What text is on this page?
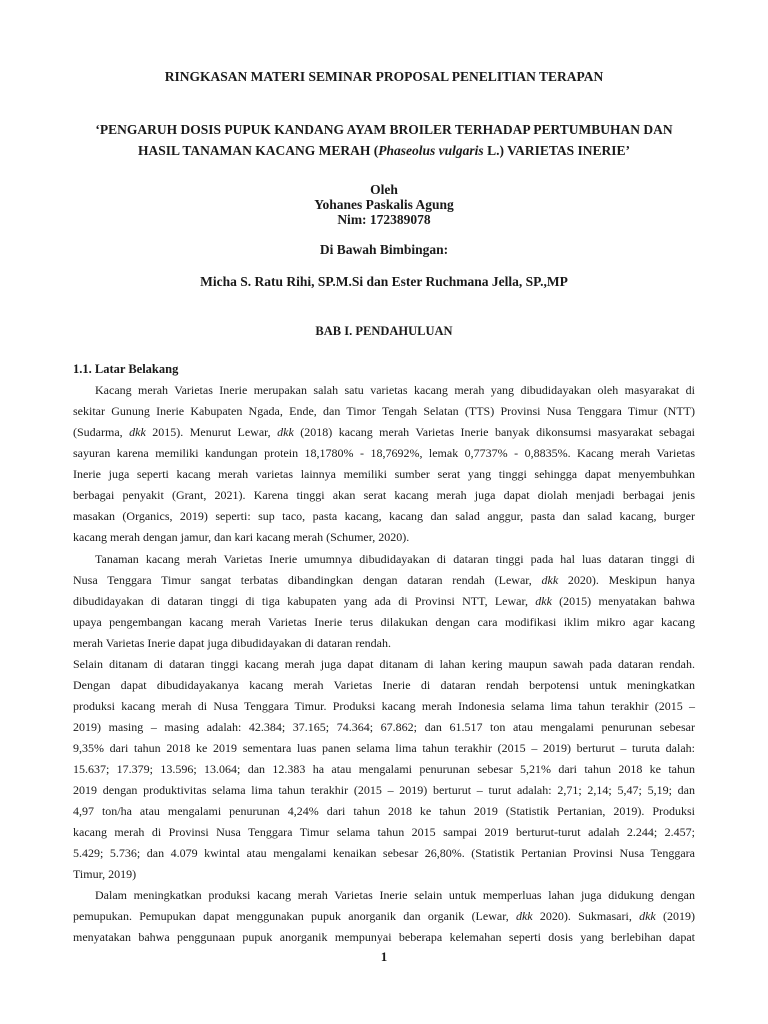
RINGKASAN MATERI SEMINAR PROPOSAL PENELITIAN TERAPAN
‘PENGARUH DOSIS PUPUK KANDANG AYAM BROILER TERHADAP PERTUMBUHAN DAN
HASIL TANAMAN KACANG MERAH (Phaseolus vulgaris L.) VARIETAS INERIE’
Oleh
Yohanes Paskalis Agung
Nim: 172389078
Di Bawah Bimbingan:
Micha S. Ratu Rihi, SP.M.Si dan Ester Ruchmana Jella, SP.,MP
BAB I. PENDAHULUAN
1.1. Latar Belakang
Kacang merah Varietas Inerie merupakan salah satu varietas kacang merah yang dibudidayakan oleh masyarakat di
sekitar Gunung Inerie Kabupaten Ngada, Ende, dan Timor Tengah Selatan (TTS) Provinsi Nusa Tenggara Timur (NTT)
(Sudarma, dkk 2015). Menurut Lewar, dkk (2018) kacang merah Varietas Inerie banyak dikonsumsi masyarakat sebagai
sayuran karena memiliki kandungan protein 18,1780% - 18,7692%, lemak 0,7737% - 0,8835%. Kacang merah Varietas
Inerie juga seperti kacang merah varietas lainnya memiliki sumber serat yang tinggi sehingga dapat menyembuhkan
berbagai penyakit (Grant, 2021). Karena tinggi akan serat kacang merah juga dapat diolah menjadi berbagai jenis
masakan (Organics, 2019) seperti: sup taco, pasta kacang, kacang dan salad anggur, pasta dan salad kacang, burger
kacang merah dengan jamur, dan kari kacang merah (Schumer, 2020).
Tanaman kacang merah Varietas Inerie umumnya dibudidayakan di dataran tinggi pada hal luas dataran tinggi di
Nusa Tenggara Timur sangat terbatas dibandingkan dengan dataran rendah (Lewar, dkk 2020). Meskipun hanya
dibudidayakan di dataran tinggi di tiga kabupaten yang ada di Provinsi NTT, Lewar, dkk (2015) menyatakan bahwa
upaya pengembangan kacang merah Varietas Inerie terus dilakukan dengan cara modifikasi iklim mikro agar kacang
merah Varietas Inerie dapat juga dibudidayakan di dataran rendah.
Selain ditanam di dataran tinggi kacang merah juga dapat ditanam di lahan kering maupun sawah pada dataran rendah.
Dengan dapat dibudidayakanya kacang merah Varietas Inerie di dataran rendah berpotensi untuk meningkatkan
produksi kacang merah di Nusa Tenggara Timur. Produksi kacang merah Indonesia selama lima tahun terakhir (2015 –
2019) masing – masing adalah: 42.384; 37.165; 74.364; 67.862; dan 61.517 ton atau mengalami penurunan sebesar
9,35% dari tahun 2018 ke 2019 sementara luas panen selama lima tahun terakhir (2015 – 2019) berturut – turuta dalah:
15.637; 17.379; 13.596; 13.064; dan 12.383 ha atau mengalami penurunan sebesar 5,21% dari tahun 2018 ke tahun
2019 dengan produktivitas selama lima tahun terakhir (2015 – 2019) berturut – turut adalah: 2,71; 2,14; 5,47; 5,19; dan
4,97 ton/ha atau mengalami penurunan 4,24% dari tahun 2018 ke tahun 2019 (Statistik Pertanian, 2019). Produksi
kacang merah di Provinsi Nusa Tenggara Timur selama tahun 2015 sampai 2019 berturut-turut adalah 2.244; 2.457;
5.429; 5.736; dan 4.079 kwintal atau mengalami kenaikan sebesar 26,80%. (Statistik Pertanian Provinsi Nusa Tenggara
Timur, 2019)
Dalam meningkatkan produksi kacang merah Varietas Inerie selain untuk memperluas lahan juga didukung dengan
pemupukan. Pemupukan dapat menggunakan pupuk anorganik dan organik (Lewar, dkk 2020). Sukmasari, dkk (2019)
menyatakan bahwa penggunaan pupuk anorganik mempunyai beberapa kelemahan seperti dosis yang berlebihan dapat
1
